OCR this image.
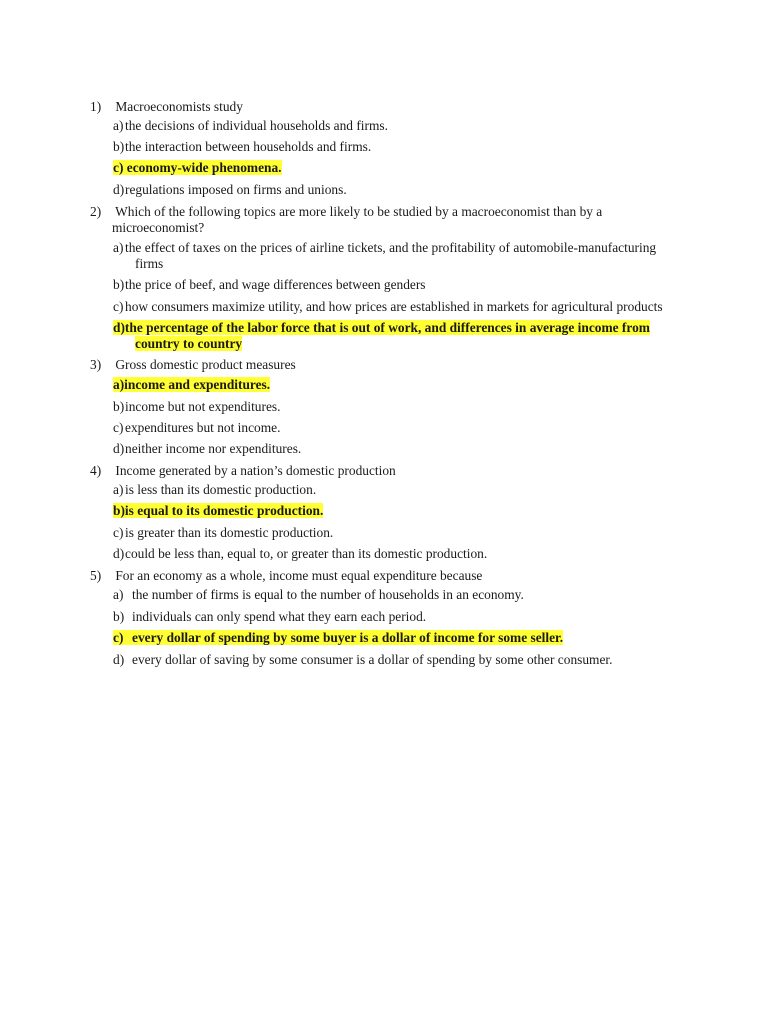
1) Macroeconomists study
a) the decisions of individual households and firms.
b)the interaction between households and firms.
c) economy-wide phenomena.
d)regulations imposed on firms and unions.
2) Which of the following topics are more likely to be studied by a macroeconomist than by a
microeconomist?
a) the effect of taxes on the prices of airline tickets, and the profitability of automobile-manufacturing
firms
b)the price of beef, and wage differences between genders
c) how consumers maximize utility, and how prices are established in markets for agricultural products
d)the percentage of the labor force that is out of work, and differences in average income from
country to country
3) Gross domestic product measures
a)income and expenditures.
b)income but not expenditures.
c) expenditures but not income.
d)neither income nor expenditures.
4) Income generated by a nation’s domestic production
a) is less than its domestic production.
b)is equal to its domestic production.
c) is greater than its domestic production.
d)could be less than, equal to, or greater than its domestic production.
5) For an economy as a whole, income must equal expenditure because
a) the number of firms is equal to the number of households in an economy.
b) individuals can only spend what they earn each period.
c) every dollar of spending by some buyer is a dollar of income for some seller.
d) every dollar of saving by some consumer is a dollar of spending by some other consumer.
